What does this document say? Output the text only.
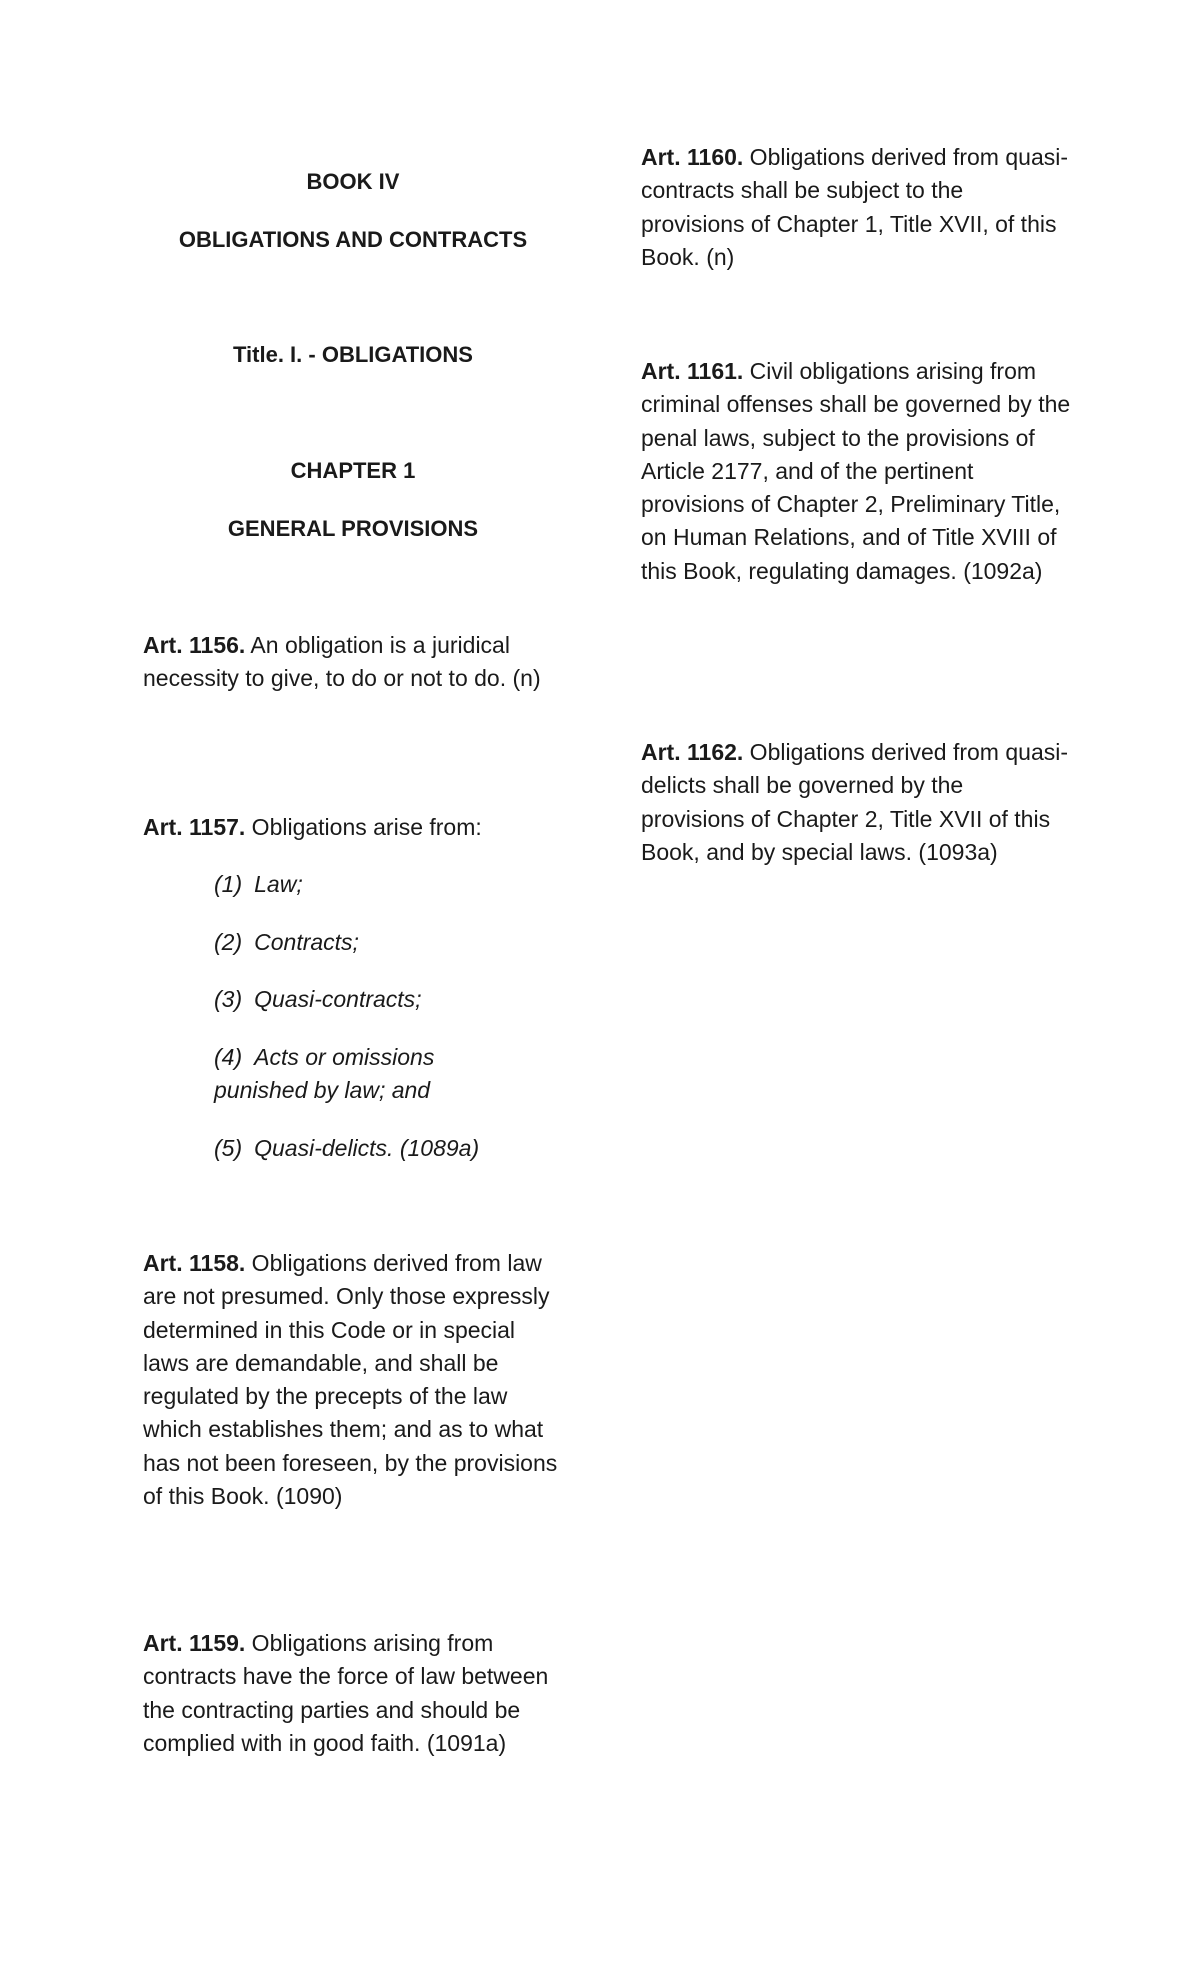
BOOK IV
OBLIGATIONS AND CONTRACTS
Title. I. - OBLIGATIONS
CHAPTER 1
GENERAL PROVISIONS

Art. 1156. An obligation is a juridical necessity to give, to do or not to do. (n)

Art. 1157. Obligations arise from:

(1) Law;
(2) Contracts;
(3) Quasi-contracts;
(4) Acts or omissions punished by law; and
(5) Quasi-delicts. (1089a)

Art. 1158. Obligations derived from law are not presumed. Only those expressly determined in this Code or in special laws are demandable, and shall be regulated by the precepts of the law which establishes them; and as to what has not been foreseen, by the provisions of this Book. (1090)

Art. 1159. Obligations arising from contracts have the force of law between the contracting parties and should be complied with in good faith. (1091a)

Art. 1160. Obligations derived from quasi-contracts shall be subject to the provisions of Chapter 1, Title XVII, of this Book. (n)

Art. 1161. Civil obligations arising from criminal offenses shall be governed by the penal laws, subject to the provisions of Article 2177, and of the pertinent provisions of Chapter 2, Preliminary Title, on Human Relations, and of Title XVIII of this Book, regulating damages. (1092a)

Art. 1162. Obligations derived from quasi-delicts shall be governed by the provisions of Chapter 2, Title XVII of this Book, and by special laws. (1093a)
